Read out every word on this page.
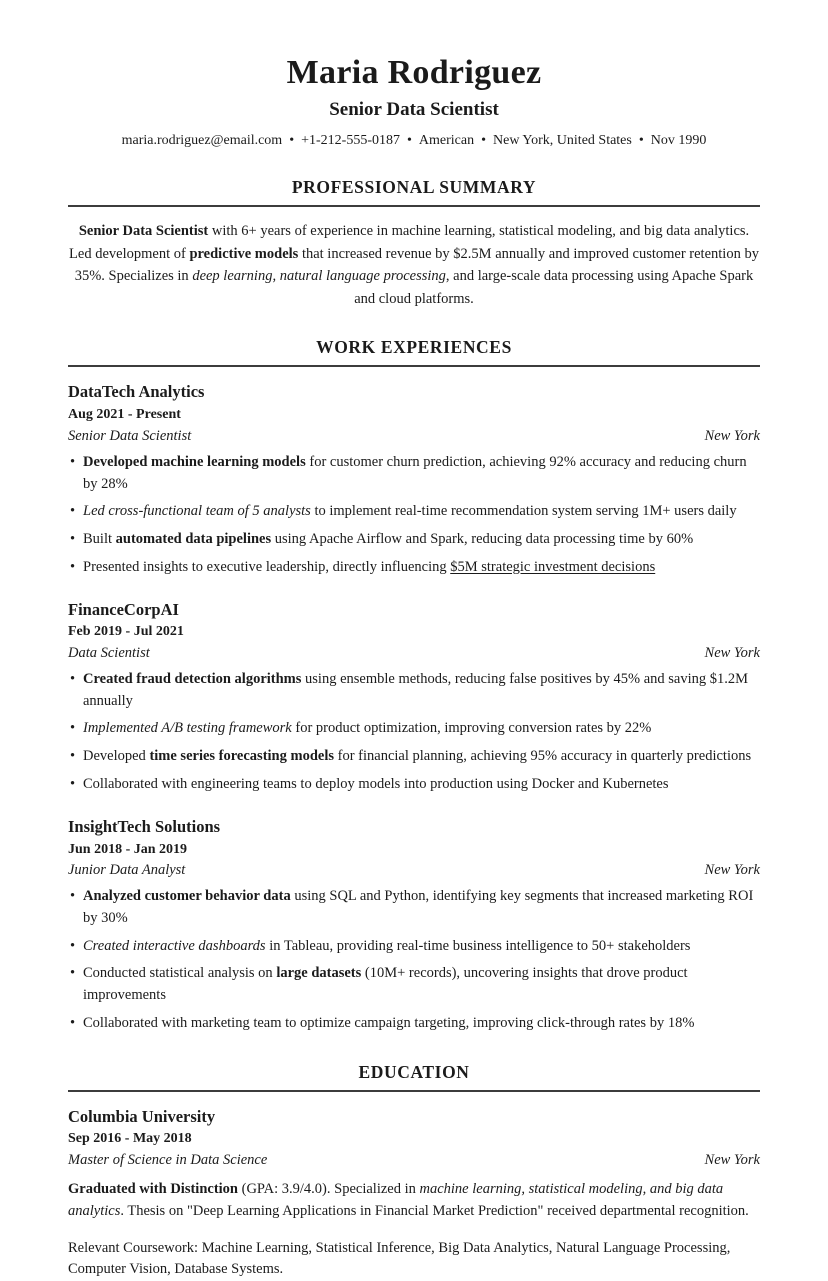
Maria Rodriguez
Senior Data Scientist
maria.rodriguez@email.com • +1-212-555-0187 • American • New York, United States • Nov 1990
PROFESSIONAL SUMMARY

Senior Data Scientist with 6+ years of experience in machine learning, statistical modeling, and big data analytics. Led development of predictive models that increased revenue by $2.5M annually and improved customer retention by 35%. Specializes in deep learning, natural language processing, and large-scale data processing using Apache Spark and cloud platforms.

WORK EXPERIENCES

DataTech Analytics

Aug 2021 - Present
Senior Data Scientist	New York
• Developed machine learning models for customer churn prediction, achieving 92% accuracy and reducing churn by 28%
• Led cross-functional team of 5 analysts to implement real-time recommendation system serving 1M+ users daily
• Built automated data pipelines using Apache Airflow and Spark, reducing data processing time by 60%
• Presented insights to executive leadership, directly influencing $5M strategic investment decisions

FinanceCorpAI

Feb 2019 - Jul 2021
Data Scientist	New York
• Created fraud detection algorithms using ensemble methods, reducing false positives by 45% and saving $1.2M annually
• Implemented A/B testing framework for product optimization, improving conversion rates by 22%
• Developed time series forecasting models for financial planning, achieving 95% accuracy in quarterly predictions
• Collaborated with engineering teams to deploy models into production using Docker and Kubernetes

InsightTech Solutions

Jun 2018 - Jan 2019
Junior Data Analyst	New York
• Analyzed customer behavior data using SQL and Python, identifying key segments that increased marketing ROI by 30%
• Created interactive dashboards in Tableau, providing real-time business intelligence to 50+ stakeholders
• Conducted statistical analysis on large datasets (10M+ records), uncovering insights that drove product improvements
• Collaborated with marketing team to optimize campaign targeting, improving click-through rates by 18%
EDUCATION

Columbia University

Sep 2016 - May 2018
Master of Science in Data Science	New York

Graduated with Distinction (GPA: 3.9/4.0). Specialized in machine learning, statistical modeling, and big data analytics. Thesis on "Deep Learning Applications in Financial Market Prediction" received departmental recognition.

Relevant Coursework: Machine Learning, Statistical Inference, Big Data Analytics, Natural Language Processing, Computer Vision, Database Systems.
